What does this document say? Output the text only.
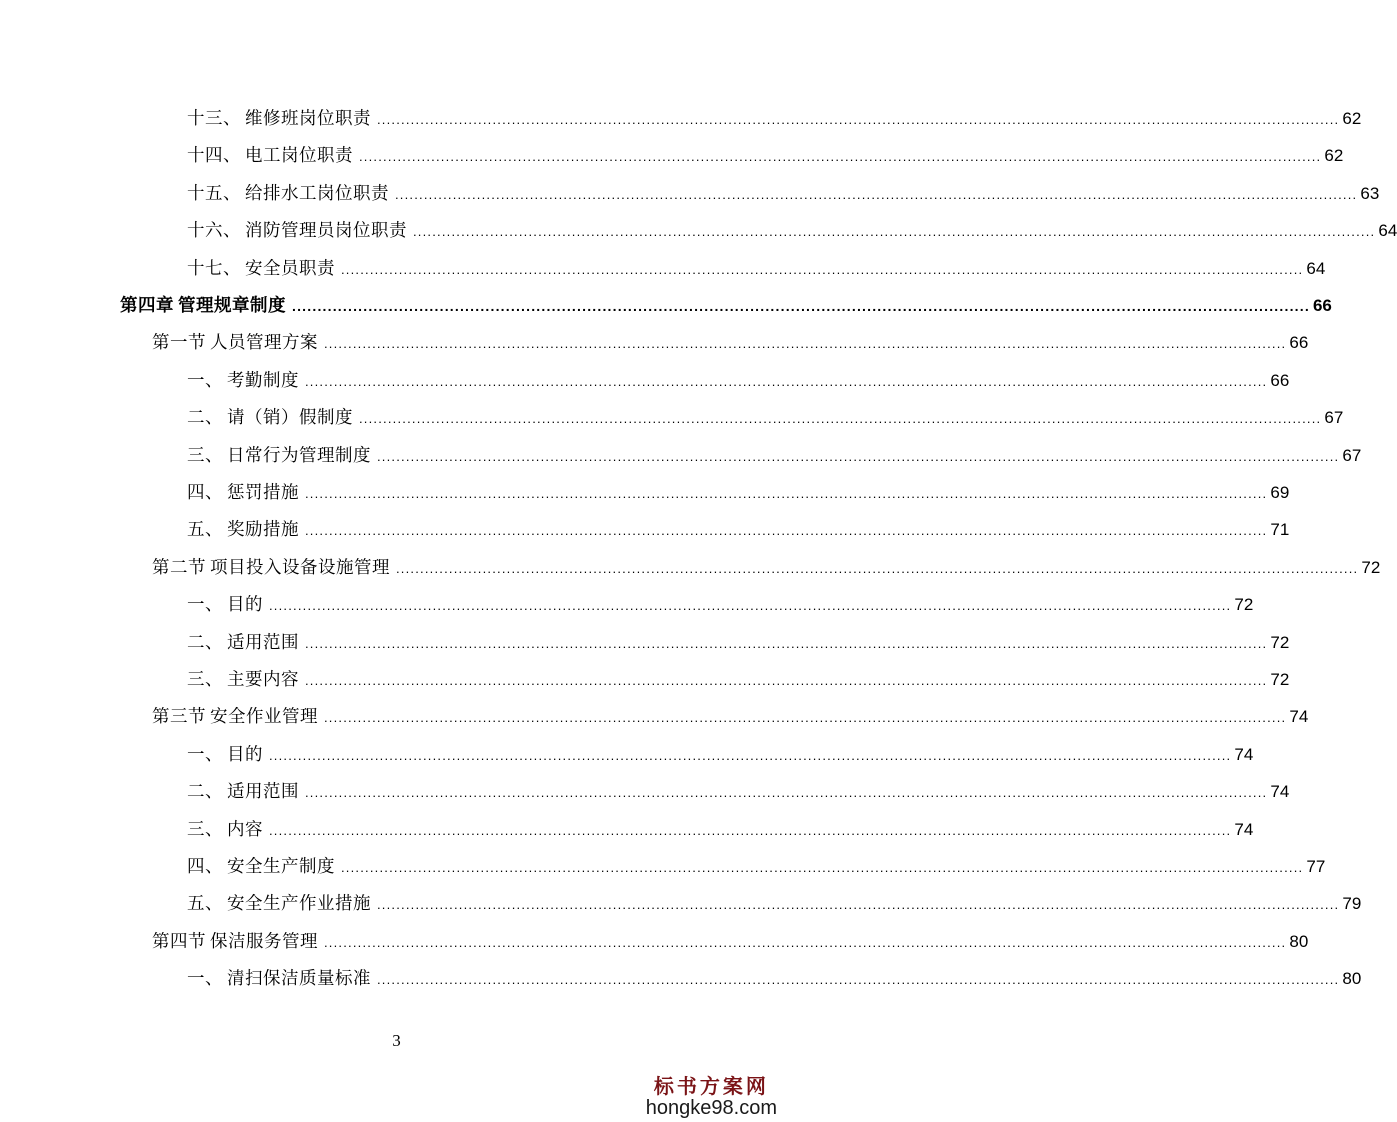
十三、 维修班岗位职责 ........................................................................................................................................................................................................ 62
十四、 电工岗位职责 ........................................................................................................................................................................................................ 62
十五、 给排水工岗位职责 ........................................................................................................................................................................................................ 63
十六、 消防管理员岗位职责 ........................................................................................................................................................................................................ 64
十七、 安全员职责 ........................................................................................................................................................................................................ 64
第四章 管理规章制度 ........................................................................................................................................................................................................ 66
第一节 人员管理方案 ........................................................................................................................................................................................................ 66
一、 考勤制度 ........................................................................................................................................................................................................ 66
二、 请（销）假制度 ........................................................................................................................................................................................................ 67
三、 日常行为管理制度 ........................................................................................................................................................................................................ 67
四、 惩罚措施 ........................................................................................................................................................................................................ 69
五、 奖励措施 ........................................................................................................................................................................................................ 71
第二节 项目投入设备设施管理 ........................................................................................................................................................................................................ 72
一、 目的 ........................................................................................................................................................................................................ 72
二、 适用范围 ........................................................................................................................................................................................................ 72
三、 主要内容 ........................................................................................................................................................................................................ 72
第三节 安全作业管理 ........................................................................................................................................................................................................ 74
一、 目的 ........................................................................................................................................................................................................ 74
二、 适用范围 ........................................................................................................................................................................................................ 74
三、 内容 ........................................................................................................................................................................................................ 74
四、 安全生产制度 ........................................................................................................................................................................................................ 77
五、 安全生产作业措施 ........................................................................................................................................................................................................ 79
第四节 保洁服务管理 ........................................................................................................................................................................................................ 80
一、 清扫保洁质量标准 ........................................................................................................................................................................................................ 80
3
标书方案网
hongke98.com
